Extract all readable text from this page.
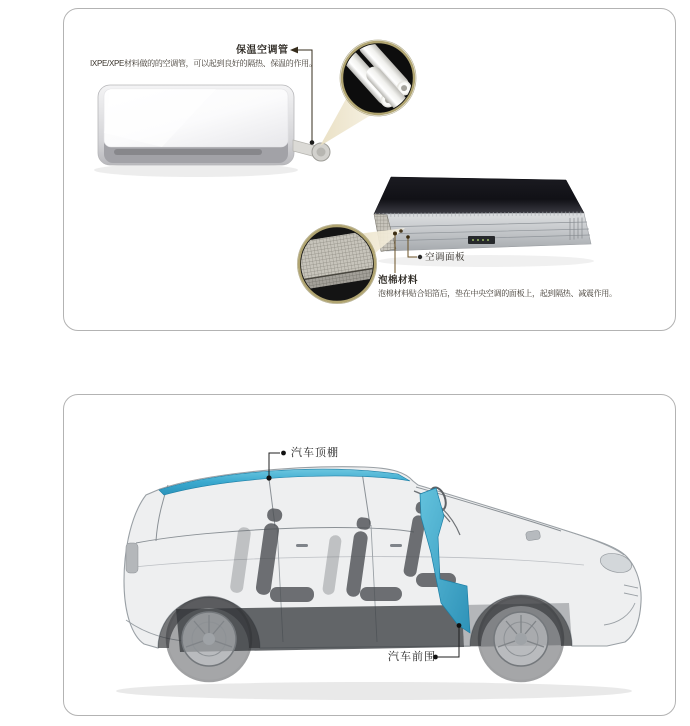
保温空调管
IXPE/XPE材料做的的空调管，可以起到良好的隔热、保温的作用。
空调面板
泡棉材料
泡棉材料贴合铝箔后，垫在中央空调的面板上，起到隔热、减震作用。
汽车顶棚
汽车前围
